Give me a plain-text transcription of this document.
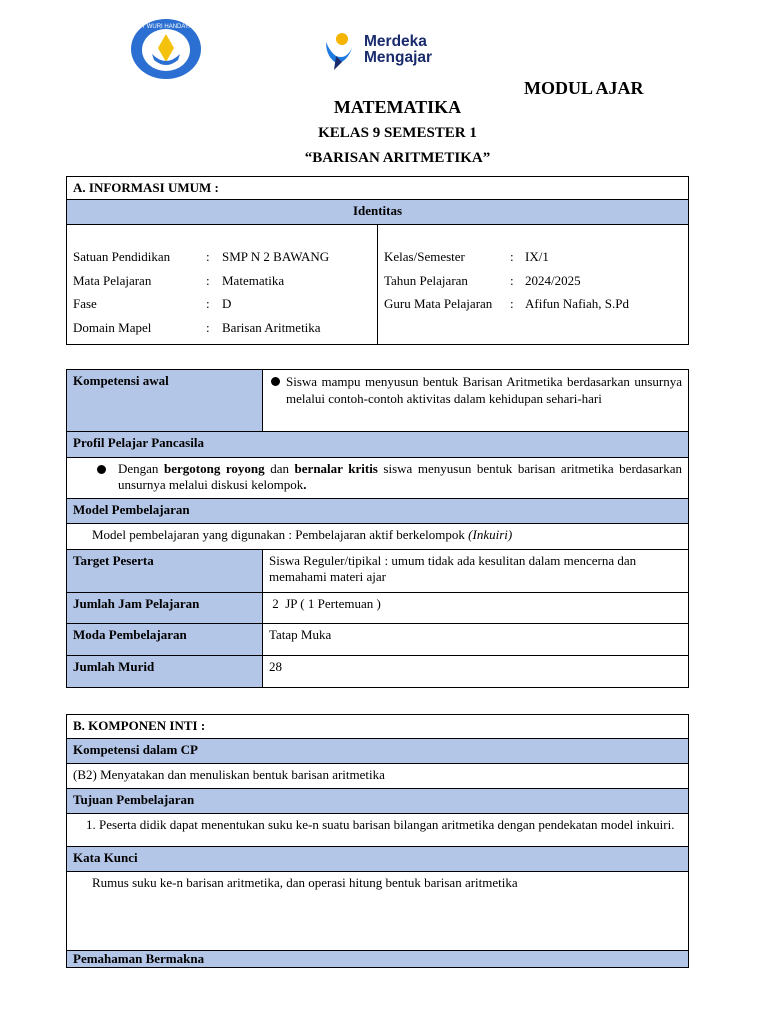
TUT WURI HANDAYANI
Merdeka
Mengajar
MODUL AJAR
MATEMATIKA
KELAS 9 SEMESTER 1
“BARISAN ARITMETIKA”
A. INFORMASI UMUM :
Identitas

Satuan Pendidikan	:	SMP N 2 BAWANG
Mata Pelajaran	:	Matematika
Fase	:	D
Domain Mapel	:	Barisan Aritmetika

Kelas/Semester	:	IX/1
Tahun Pelajaran	:	2024/2025
Guru Mata Pelajaran	:	Afifun Nafiah, S.Pd
Kompetensi awal	Siswa mampu menyusun bentuk Barisan Aritmetika berdasarkan unsurnya melalui contoh-contoh aktivitas dalam kehidupan sehari-hari

Profil Pelajar Pancasila	

Dengan bergotong royong dan bernalar kritis siswa menyusun bentuk barisan aritmetika berdasarkan unsurnya melalui diskusi kelompok.	

Model Pembelajaran	
Model pembelajaran yang digunakan : Pembelajaran aktif berkelompok (Inkuiri)	
Target Peserta	Siswa Reguler/tipikal : umum tidak ada kesulitan dalam mencerna dan memahami materi ajar
Jumlah Jam Pelajaran	2  JP ( 1 Pertemuan )
Moda Pembelajaran	Tatap Muka
Jumlah Murid	28
B. KOMPONEN INTI :
Kompetensi dalam CP
(B2) Menyatakan dan menuliskan bentuk barisan aritmetika
Tujuan Pembelajaran

1. Peserta didik dapat menentukan suku ke-n suatu barisan bilangan aritmetika dengan pendekatan model inkuiri.

Kata Kunci
Rumus suku ke-n barisan aritmetika, dan operasi hitung bentuk barisan aritmetika
Pemahaman Bermakna
